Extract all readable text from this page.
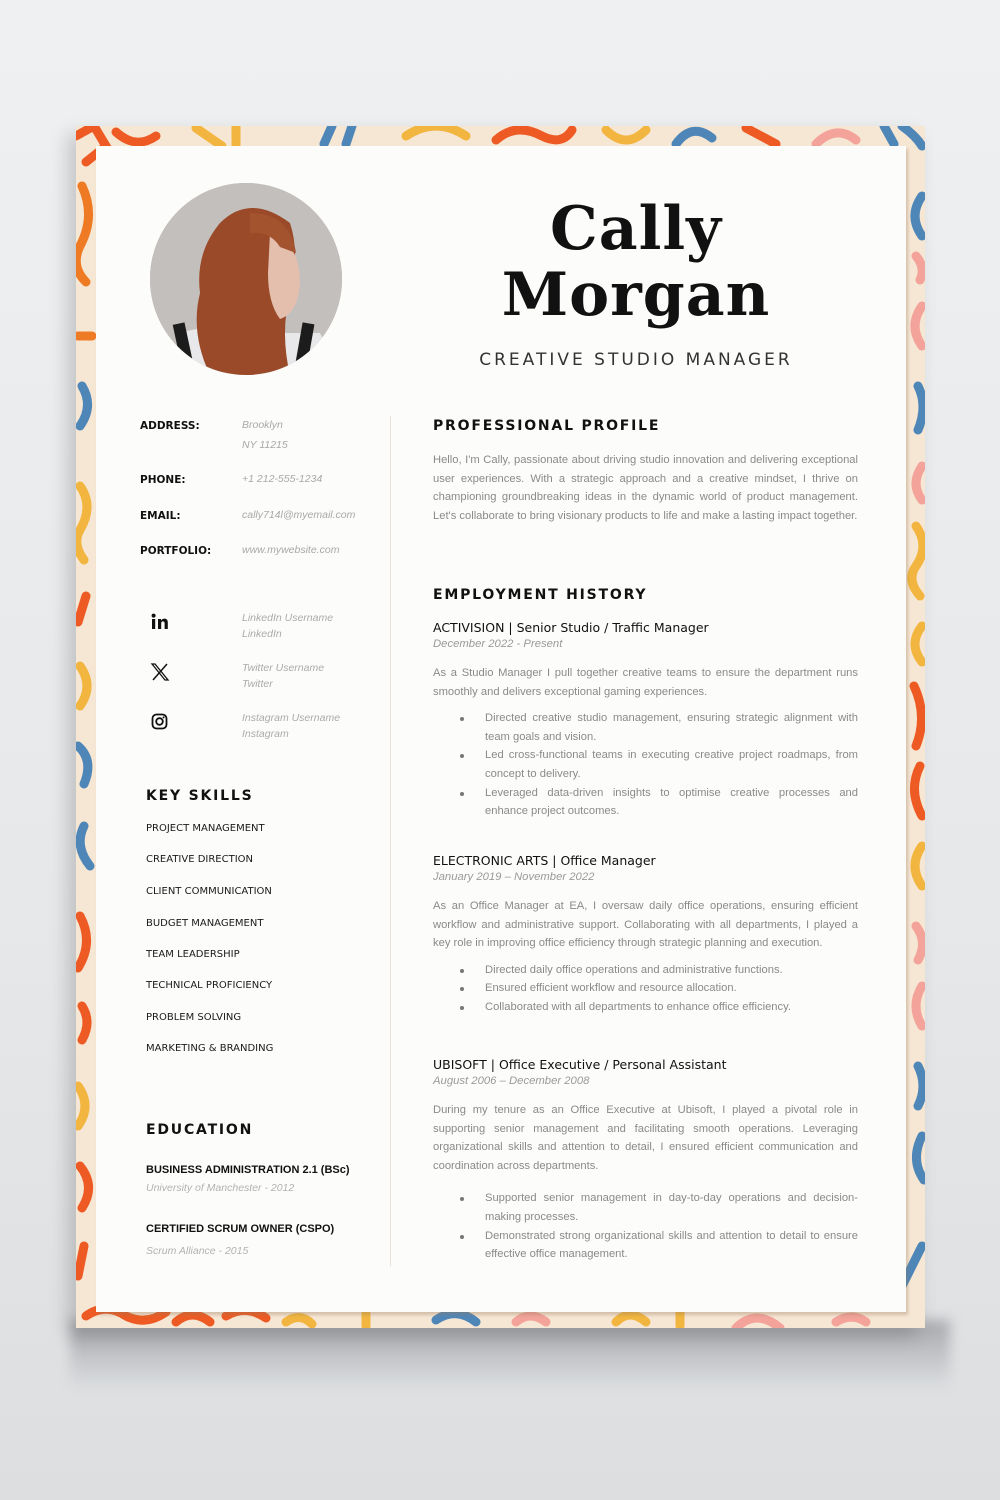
Cally
Morgan
CREATIVE STUDIO MANAGER
ADDRESS:	Brooklyn
NY 11215
PHONE:	+1 212-555-1234
EMAIL:	cally714l@myemail.com
PORTFOLIO:	www.mywebsite.com
LinkedIn Username
LinkedIn
Twitter Username
Twitter
Instagram Username
Instagram
KEY SKILLS
PROJECT MANAGEMENT
CREATIVE DIRECTION
CLIENT COMMUNICATION
BUDGET MANAGEMENT
TEAM LEADERSHIP
TECHNICAL PROFICIENCY
PROBLEM SOLVING
MARKETING & BRANDING
EDUCATION
BUSINESS ADMINISTRATION 2.1 (BSc)
University of Manchester - 2012
CERTIFIED SCRUM OWNER (CSPO)
Scrum Alliance - 2015
PROFESSIONAL PROFILE

Hello, I'm Cally, passionate about driving studio innovation and delivering exceptional user experiences. With a strategic approach and a creative mindset, I thrive on championing groundbreaking ideas in the dynamic world of product management. Let's collaborate to bring visionary products to life and make a lasting impact together.

EMPLOYMENT HISTORY
ACTIVISION | Senior Studio / Traffic Manager
December 2022 - Present

As a Studio Manager I pull together creative teams to ensure the department runs smoothly and delivers exceptional gaming experiences.

Directed creative studio management, ensuring strategic alignment with team goals and vision.
Led cross-functional teams in executing creative project roadmaps, from concept to delivery.
Leveraged data-driven insights to optimise creative processes and enhance project outcomes.
ELECTRONIC ARTS | Office Manager
January 2019 – November 2022

As an Office Manager at EA, I oversaw daily office operations, ensuring efficient workflow and administrative support. Collaborating with all departments, I played a key role in improving office efficiency through strategic planning and execution.

Directed daily office operations and administrative functions.
Ensured efficient workflow and resource allocation.
Collaborated with all departments to enhance office efficiency.
UBISOFT | Office Executive / Personal Assistant
August 2006 – December 2008

During my tenure as an Office Executive at Ubisoft, I played a pivotal role in supporting senior management and facilitating smooth operations. Leveraging organizational skills and attention to detail, I ensured efficient communication and coordination across departments.

Supported senior management in day-to-day operations and decision-making processes.
Demonstrated strong organizational skills and attention to detail to ensure effective office management.
